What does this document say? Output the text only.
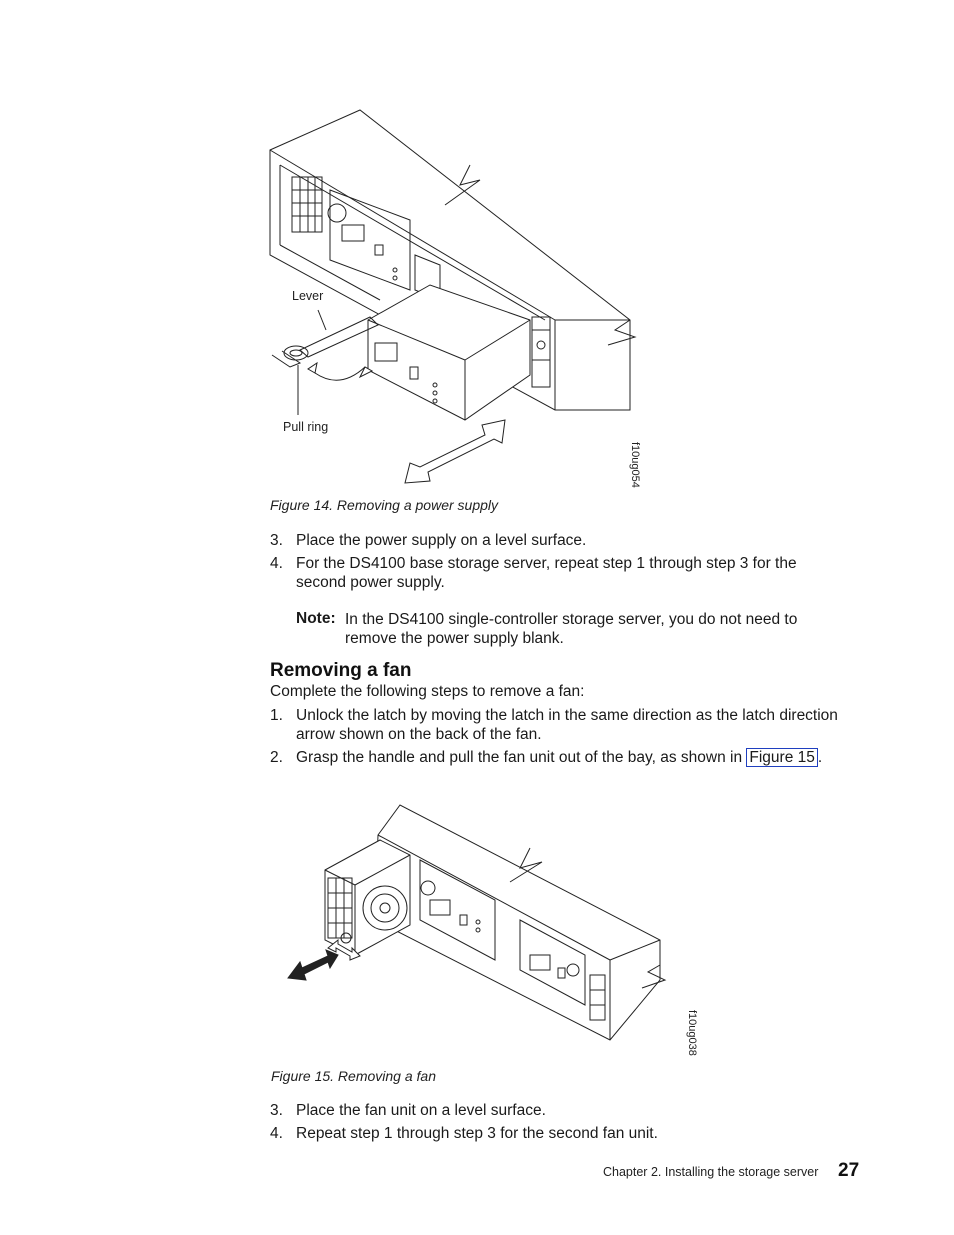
Lever
Pull ring
f10ug054
Figure 14. Removing a power supply
3. Place the power supply on a level surface.
4. For the DS4100 base storage server, repeat step 1 through step 3 for the second power supply.
Note: In the DS4100 single-controller storage server, you do not need to remove the power supply blank.
Removing a fan
Complete the following steps to remove a fan:
1. Unlock the latch by moving the latch in the same direction as the latch direction arrow shown on the back of the fan.
2. Grasp the handle and pull the fan unit out of the bay, as shown in Figure 15 .
f10ug038
Figure 15. Removing a fan
3. Place the fan unit on a level surface.
4. Repeat step 1 through step 3 for the second fan unit.
Chapter 2. Installing the storage server 27
